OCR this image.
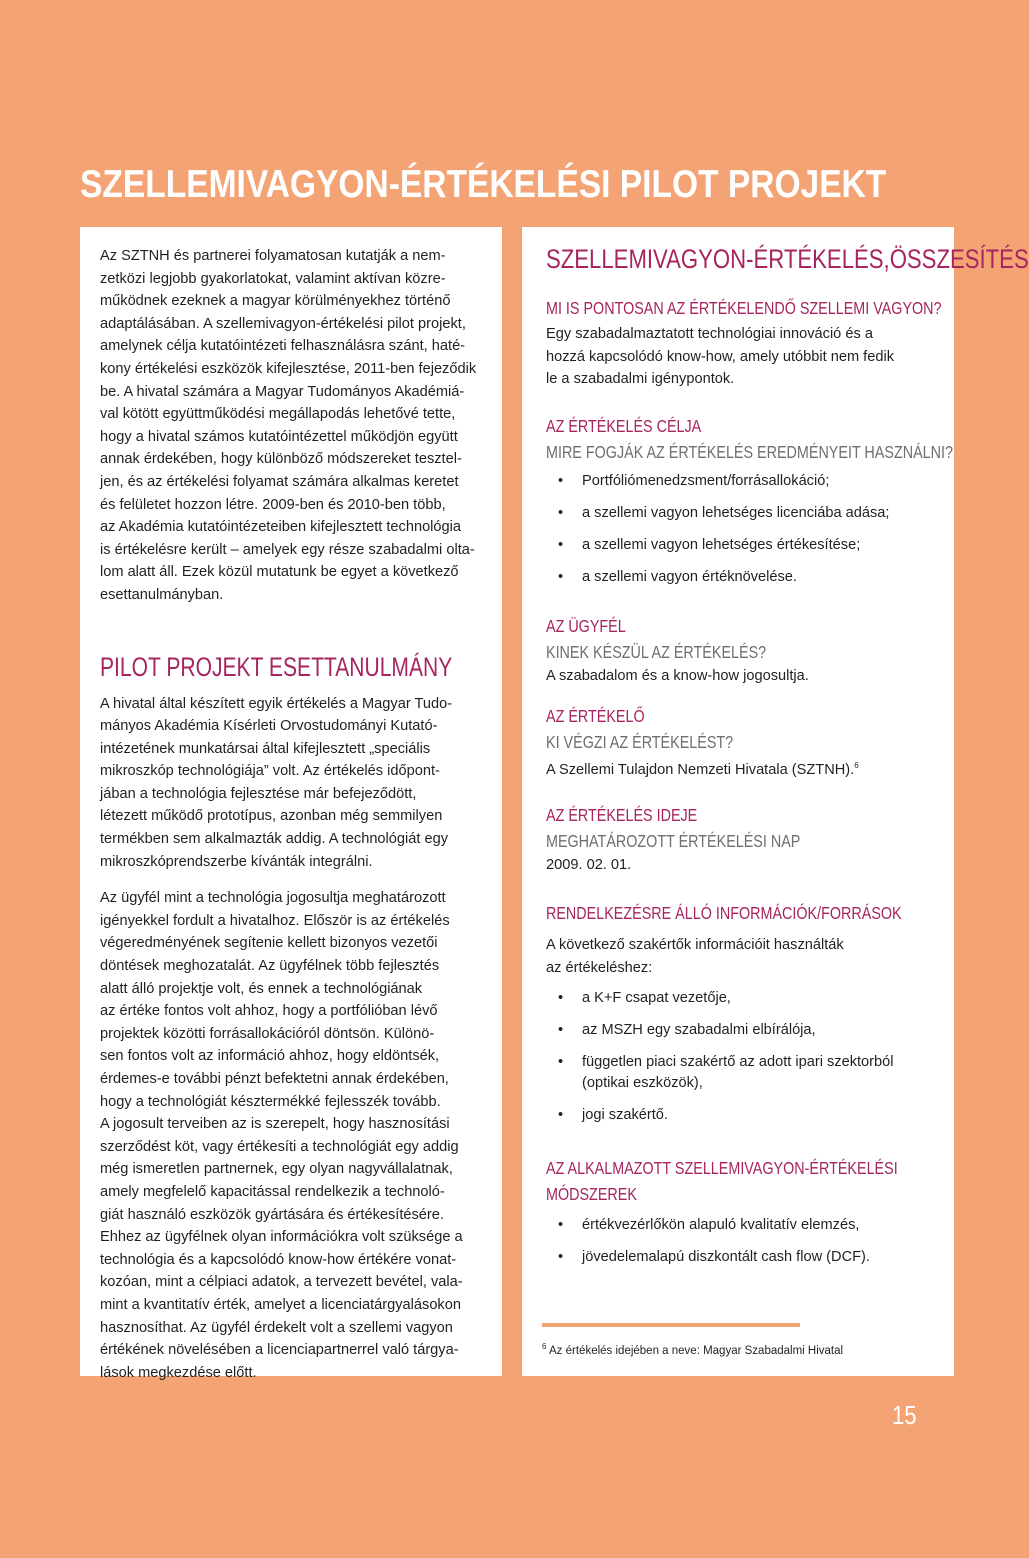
SZELLEMIVAGYON-ÉRTÉKELÉSI PILOT PROJEKT

Az SZTNH és partnerei folyamatosan kutatják a nem-

zetközi legjobb gyakorlatokat, valamint aktívan közre-

működnek ezeknek a magyar körülményekhez történő

adaptálásában. A szellemivagyon-értékelési pilot projekt,

amelynek célja kutatóintézeti felhasználásra szánt, haté-

kony értékelési eszközök kifejlesztése, 2011-ben fejeződik

be. A hivatal számára a Magyar Tudományos Akadémiá-

val kötött együttműködési megállapodás lehetővé tette,

hogy a hivatal számos kutatóintézettel működjön együtt

annak érdekében, hogy különböző módszereket tesztel-

jen, és az értékelési folyamat számára alkalmas keretet

és felületet hozzon létre. 2009-ben és 2010-ben több,

az Akadémia kutatóintézeteiben kifejlesztett technológia

is értékelésre került – amelyek egy része szabadalmi olta-

lom alatt áll. Ezek közül mutatunk be egyet a következő

esettanulmányban.

PILOT PROJEKT ESETTANULMÁNY

A hivatal által készített egyik értékelés a Magyar Tudo-

mányos Akadémia Kísérleti Orvostudományi Kutató-

intézetének munkatársai által kifejlesztett „speciális

mikroszkóp technológiája” volt. Az értékelés időpont-

jában a technológia fejlesztése már befejeződött,

létezett működő prototípus, azonban még semmilyen

termékben sem alkalmazták addig. A technológiát egy

mikroszkóprendszerbe kívánták integrálni.

Az ügyfél mint a technológia jogosultja meghatározott

igényekkel fordult a hivatalhoz. Először is az értékelés

végeredményének segítenie kellett bizonyos vezetői

döntések meghozatalát. Az ügyfélnek több fejlesztés

alatt álló projektje volt, és ennek a technológiának

az értéke fontos volt ahhoz, hogy a portfólióban lévő

projektek közötti forrásallokációról döntsön. Különö-

sen fontos volt az információ ahhoz, hogy eldöntsék,

érdemes-e további pénzt befektetni annak érdekében,

hogy a technológiát késztermékké fejlesszék tovább.

A jogosult terveiben az is szerepelt, hogy hasznosítási

szerződést köt, vagy értékesíti a technológiát egy addig

még ismeretlen partnernek, egy olyan nagyvállalatnak,

amely megfelelő kapacitással rendelkezik a technoló-

giát használó eszközök gyártására és értékesítésére.

Ehhez az ügyfélnek olyan információkra volt szüksége a

technológia és a kapcsolódó know-how értékére vonat-

kozóan, mint a célpiaci adatok, a tervezett bevétel, vala-

mint a kvantitatív érték, amelyet a licenciatárgyalásokon

hasznosíthat. Az ügyfél érdekelt volt a szellemi vagyon

értékének növelésében a licenciapartnerrel való tárgya-

lások megkezdése előtt.

SZELLEMIVAGYON-ÉRTÉKELÉS,ÖSSZESÍTÉS
MI IS PONTOSAN AZ ÉRTÉKELENDŐ SZELLEMI VAGYON?

Egy szabadalmaztatott technológiai innováció és a

hozzá kapcsolódó know-how, amely utóbbit nem fedik

le a szabadalmi igénypontok.

AZ ÉRTÉKELÉS CÉLJA
MIRE FOGJÁK AZ ÉRTÉKELÉS EREDMÉNYEIT HASZNÁLNI?
• Portfóliómenedzsment/forrásallokáció;
• a szellemi vagyon lehetséges licenciába adása;
• a szellemi vagyon lehetséges értékesítése;
• a szellemi vagyon értéknövelése.
AZ ÜGYFÉL
KINEK KÉSZÜL AZ ÉRTÉKELÉS?

A szabadalom és a know-how jogosultja.

AZ ÉRTÉKELŐ
KI VÉGZI AZ ÉRTÉKELÉST?

A Szellemi Tulajdon Nemzeti Hivatala (SZTNH).$^6$

AZ ÉRTÉKELÉS IDEJE
MEGHATÁROZOTT ÉRTÉKELÉSI NAP

2009. 02. 01.

RENDELKEZÉSRE ÁLLÓ INFORMÁCIÓK/FORRÁSOK

A következő szakértők információit használták

az értékeléshez:

• a K+F csapat vezetője,
• az MSZH egy szabadalmi elbírálója,
• független piaci szakértő az adott ipari szektorból (optikai eszközök),
• jogi szakértő.
AZ ALKALMAZOTT SZELLEMIVAGYON-ÉRTÉKELÉSI
MÓDSZEREK
• értékvezérlőkön alapuló kvalitatív elemzés,
• jövedelemalapú diszkontált cash flow (DCF).
$^6$ Az értékelés idejében a neve: Magyar Szabadalmi Hivatal
15
